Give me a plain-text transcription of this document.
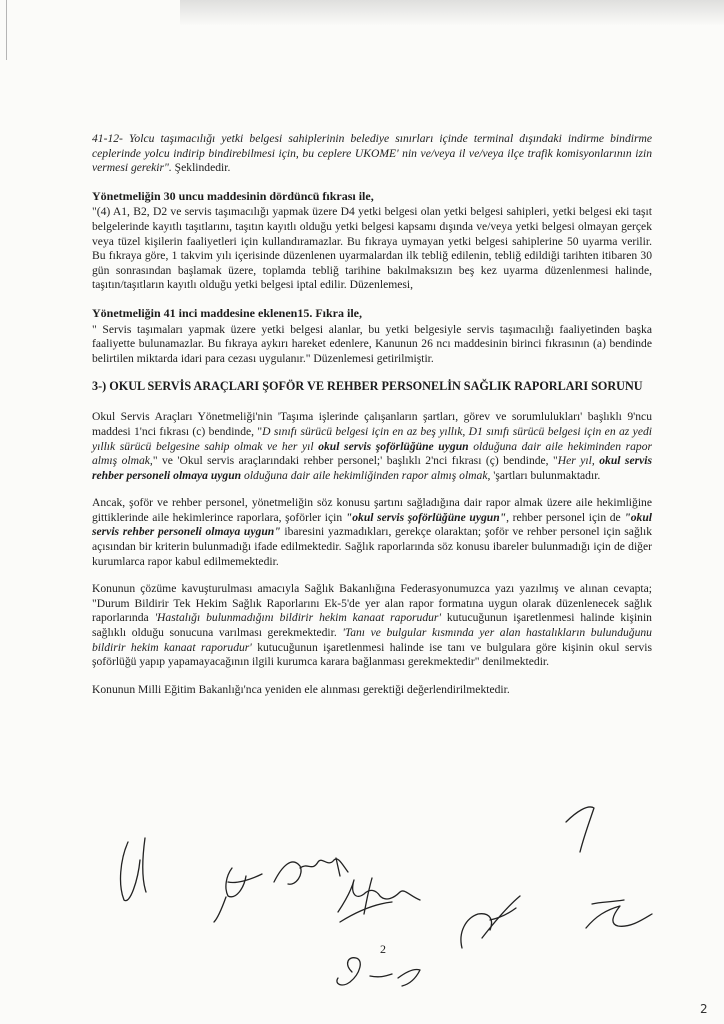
41-12- Yolcu taşımacılığı yetki belgesi sahiplerinin belediye sınırları içinde terminal dışındaki indirme bindirme ceplerinde yolcu indirip bindirebilmesi için, bu ceplere UKOME' nin ve/veya il ve/veya ilçe trafik komisyonlarının izin vermesi gerekir". Şeklindedir.

Yönetmeliğin 30 uncu maddesinin dördüncü fıkrası ile,

"(4) A1, B2, D2 ve servis taşımacılığı yapmak üzere D4 yetki belgesi olan yetki belgesi sahipleri, yetki belgesi eki taşıt belgelerinde kayıtlı taşıtlarını, taşıtın kayıtlı olduğu yetki belgesi kapsamı dışında ve/veya yetki belgesi olmayan gerçek veya tüzel kişilerin faaliyetleri için kullandıramazlar. Bu fıkraya uymayan yetki belgesi sahiplerine 50 uyarma verilir. Bu fıkraya göre, 1 takvim yılı içerisinde düzenlenen uyarmalardan ilk tebliğ edilenin, tebliğ edildiği tarihten itibaren 30 gün sonrasından başlamak üzere, toplamda tebliğ tarihine bakılmaksızın beş kez uyarma düzenlenmesi halinde, taşıtın/taşıtların kayıtlı olduğu yetki belgesi iptal edilir. Düzenlemesi,

Yönetmeliğin 41 inci maddesine eklenen15. Fıkra ile,

" Servis taşımaları yapmak üzere yetki belgesi alanlar, bu yetki belgesiyle servis taşımacılığı faaliyetinden başka faaliyette bulunamazlar. Bu fıkraya aykırı hareket edenlere, Kanunun 26 ncı maddesinin birinci fıkrasının (a) bendinde belirtilen miktarda idari para cezası uygulanır." Düzenlemesi getirilmiştir.

3-) OKUL SERVİS ARAÇLARI ŞOFÖR VE REHBER PERSONELİN SAĞLIK RAPORLARI SORUNU

Okul Servis Araçları Yönetmeliği'nin 'Taşıma işlerinde çalışanların şartları, görev ve sorumlulukları' başlıklı 9'ncu maddesi 1'nci fıkrası (c) bendinde, "D sınıfı sürücü belgesi için en az beş yıllık, D1 sınıfı sürücü belgesi için en az yedi yıllık sürücü belgesine sahip olmak ve her yıl okul servis şoförlüğüne uygun olduğuna dair aile hekiminden rapor almış olmak," ve 'Okul servis araçlarındaki rehber personel;' başlıklı 2'nci fıkrası (ç) bendinde, "Her yıl, okul servis rehber personeli olmaya uygun olduğuna dair aile hekimliğinden rapor almış olmak, 'şartları bulunmaktadır.

Ancak, şoför ve rehber personel, yönetmeliğin söz konusu şartını sağladığına dair rapor almak üzere aile hekimliğine gittiklerinde aile hekimlerince raporlara, şoförler için "okul servis şoförlüğüne uygun", rehber personel için de "okul servis rehber personeli olmaya uygun" ibaresini yazmadıkları, gerekçe olaraktan; şoför ve rehber personel için sağlık açısından bir kriterin bulunmadığı ifade edilmektedir. Sağlık raporlarında söz konusu ibareler bulunmadığı için de diğer kurumlarca rapor kabul edilmemektedir.

Konunun çözüme kavuşturulması amacıyla Sağlık Bakanlığına Federasyonumuzca yazı yazılmış ve alınan cevapta; "Durum Bildirir Tek Hekim Sağlık Raporlarını Ek-5'de yer alan rapor formatına uygun olarak düzenlenecek sağlık raporlarında 'Hastalığı bulunmadığını bildirir hekim kanaat raporudur' kutucuğunun işaretlenmesi halinde kişinin sağlıklı olduğu sonucuna varılması gerekmektedir. 'Tanı ve bulgular kısmında yer alan hastalıkların bulunduğunu bildirir hekim kanaat raporudur' kutucuğunun işaretlenmesi halinde ise tanı ve bulgulara göre kişinin okul servis şoförlüğü yapıp yapamayacağının ilgili kurumca karara bağlanması gerekmektedir" denilmektedir.

Konunun Milli Eğitim Bakanlığı'nca yeniden ele alınması gerektiği değerlendirilmektedir.

2
2
